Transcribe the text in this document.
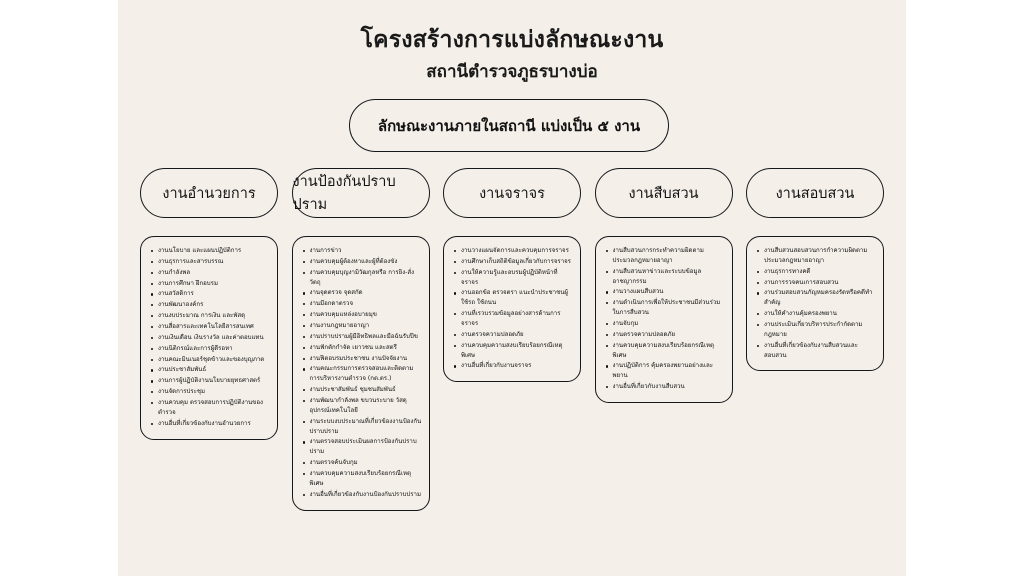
โครงสร้างการแบ่งลักษณะงาน
สถานีตำรวจภูธรบางบ่อ
ลักษณะงานภายในสถานี แบ่งเป็น ๕ งาน
งานอำนวยการ
งานนโยบาย และแผนปฏิบัติการ
งานธุรการและสารบรรณ
งานกำลังพล
งานการศึกษา ฝึกอบรม
งานสวัสดิการ
งานพัฒนาองค์กร
งานงบประมาณ การเงิน และพัสดุ
งานสื่อสารและเทคโนโลยีสารสนเทศ
งานเงินเดือน เงินรางวัล และค่าตอบแทน
งานนิติกรณ์และการผู้ดีรอหา
งานคณะมินเนอร์ชุดข้าวและของบุญภาต
งานประชาสัมพันธ์
งานการผู้ปฏิบัติงานนโยบายยุทธศาสตร์
งานจัดการประชุม
งานควบคุม ตรวจสอบการปฏิบัติงานของตำรวจ
งานอื่นที่เกี่ยวข้องกับงานอำนวยการ
งานป้องกันปราบปราม
งานการข่าว
งานควบคุมผู้ต้องหาและผู้ที่ต้องขัง
งานควบคุมบุญงามิวัฒกุลหรือ การยิง-สั่งวัตถุ
งานจุดตรวจ จุดสกัด
งานมีอกดาตรวจ
งานควบคุมแหล่งอบายมุข
งานงานกฎหมายอาญา
งานปราบปรามผู้มีอิทธิพลและมือฉันรับปีข
งานฟักตักกำจัด เยาวชน และสตรี
งานฟิตอบรมประชาชน งานปัจจัยงาน
งานคณะกรรมการตรวจสอบและติดตามการบริหารงานตำรวจ (กต.ตร.)
งานประชาสัมพันธ์ ชุมชนสัมพันธ์
งานพัฒนากำลังพล ขบวนระบาย วัสดุอุปกรณ์เทคโนโลยี
งานระบบงบประมาณที่เกี่ยวข้องงานป้องกันปราบปราม
งานตรวจสอบประเมินผลการป้องกันปราบปราม
งานตรวจค้นจับกุม
งานควบคุมความสงบเรียบร้อยกรณีเหตุพิเศษ
งานอื่นที่เกี่ยวข้องกับงานป้องกันปราบปราม
งานจราจร
งานวางแผนจัดการและควบคุมการจราจร
งานศึกษาเก็บสถิติข้อมูลเกี่ยวกับการจราจร
งานให้ความรู้และอบรมผู้ปฏิบัติหน้าที่จราจร
งานออกข้อ ตรวจตรา แนะนำประชาชนผู้ใช้รถ ใช้ถนน
งานที่เรวบรวมข้อมูลอย่างสารด้านการจราจร
งานตรวจความปลอดภัย
งานควบคุมความสงบเรียบร้อยกรณีเหตุพิเศษ
งานอื่นที่เกี่ยวกับงานจราจร
งานสืบสวน
งานสืบสวนการกระทำความผิดตามประมวลกฎหมายอาญา
งานสืบสวนหาข่าวและระบบข้อมูลอาชญากรรม
งานวางแผนสืบสวน
งานดำเนินการเพื่อให้ประชาชนมีส่วนร่วมในการสืบสวน
งานจับกุม
งานตรวจความปลอดภัย
งานควบคุมความสงบเรียบร้อยกรณีเหตุพิเศษ
งานปฏิบัติการ คุ้มครองพยานอย่างและพยาน
งานอื่นที่เกี่ยวกับงานสืบสวน
งานสอบสวน
งานสืบสวนสอบสวนการกำความผิดตามประมวลกฎหมายอาญา
งานธุรการทางคดี
งานการรวจคนเการสอบสวน
งานร่วมสอบสวนกัญหมครองรัดหรือคดีทำสำคัญ
งานให้คำงานคุ้มครองพยาน
งานประเมินเกี่ยวบริหารประกำกัดตามกฎหมาย
งานอื่นที่เกี่ยวข้องกับงานสืบสวนและสอบสวน
